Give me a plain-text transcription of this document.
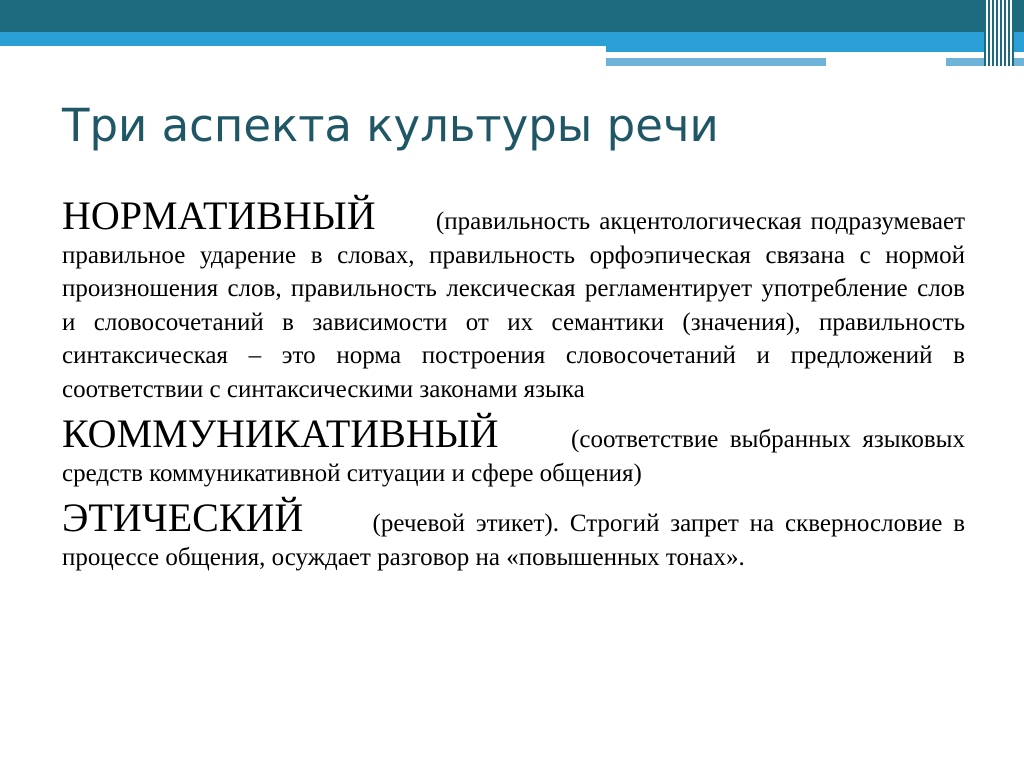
Три аспекта культуры речи

НОРМАТИВНЫЙ     (правильность акцентологическая подразумевает правильное ударение в словах, правильность орфоэпическая связана с нормой произношения слов, правильность лексическая регламентирует употребление слов и словосочетаний в зависимости от их семантики (значения), правильность синтаксическая – это норма построения словосочетаний и предложений в соответствии с синтаксическими законами языка

КОММУНИКАТИВНЫЙ     (соответствие выбранных языковых средств коммуникативной ситуации и сфере общения)

ЭТИЧЕСКИЙ     (речевой этикет). Строгий запрет на сквернословие в процессе общения, осуждает разговор на «повышенных тонах».
